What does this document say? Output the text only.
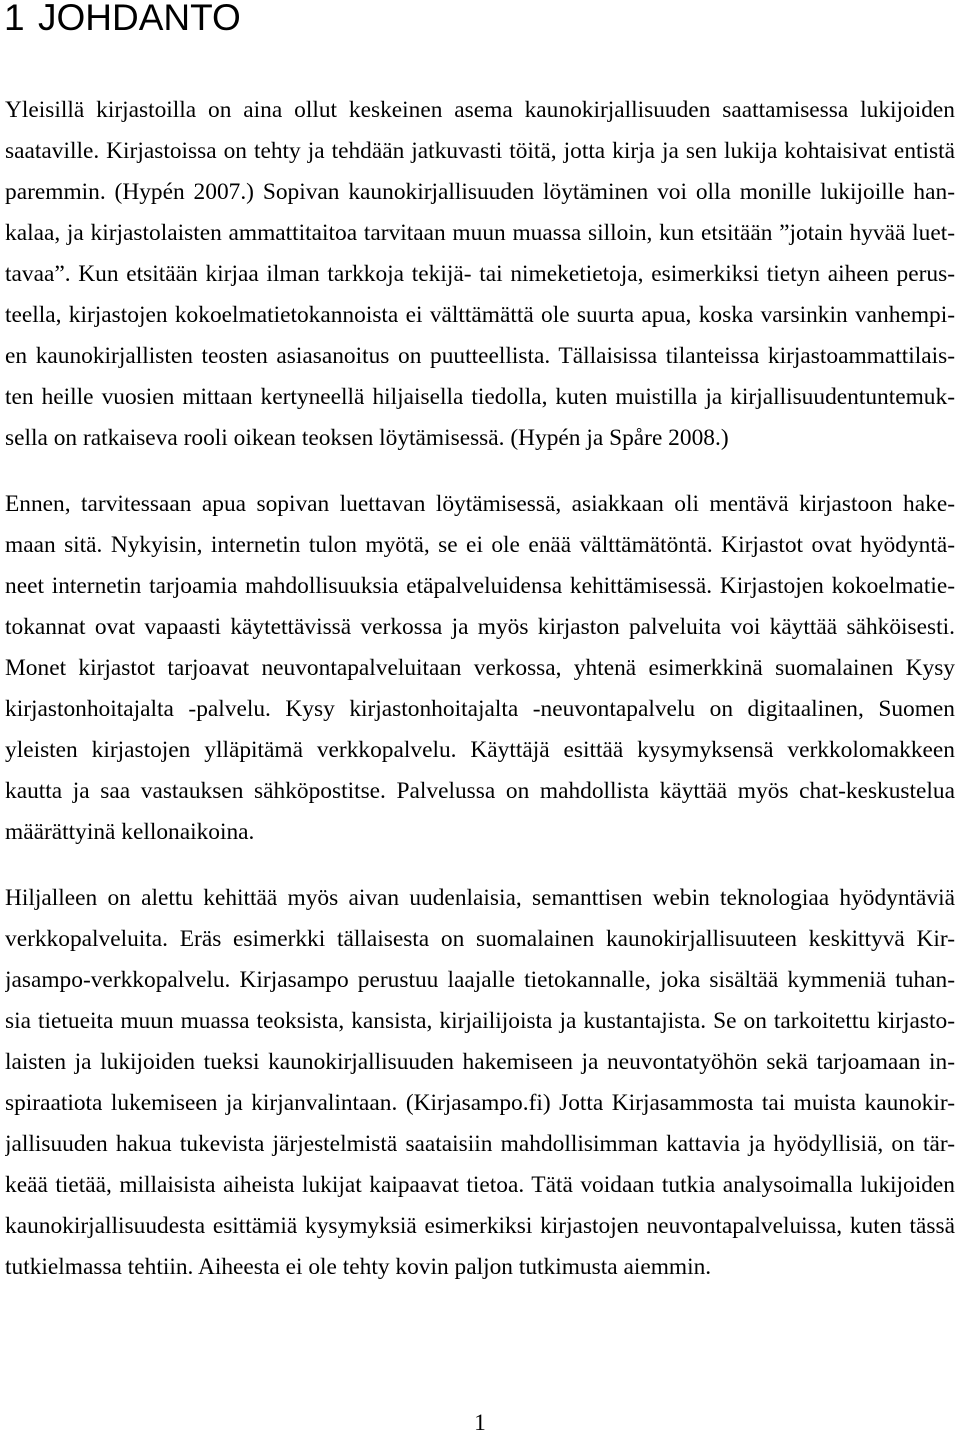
1 JOHDANTO
Yleisillä kirjastoilla on aina ollut keskeinen asema kaunokirjallisuuden saattamisessa lukijoiden
saataville. Kirjastoissa on tehty ja tehdään jatkuvasti töitä, jotta kirja ja sen lukija kohtaisivat entistä
paremmin. (Hypén 2007.) Sopivan kaunokirjallisuuden löytäminen voi olla monille lukijoille han-
kalaa, ja kirjastolaisten ammattitaitoa tarvitaan muun muassa silloin, kun etsitään ”jotain hyvää luet-
tavaa”. Kun etsitään kirjaa ilman tarkkoja tekijä- tai nimeketietoja, esimerkiksi tietyn aiheen perus-
teella, kirjastojen kokoelmatietokannoista ei välttämättä ole suurta apua, koska varsinkin vanhempi-
en kaunokirjallisten teosten asiasanoitus on puutteellista. Tällaisissa tilanteissa kirjastoammattilais-
ten heille vuosien mittaan kertyneellä hiljaisella tiedolla, kuten muistilla ja kirjallisuudentuntemuk-
sella on ratkaiseva rooli oikean teoksen löytämisessä. (Hypén ja Spåre 2008.)
Ennen, tarvitessaan apua sopivan luettavan löytämisessä, asiakkaan oli mentävä kirjastoon hake-
maan sitä. Nykyisin, internetin tulon myötä, se ei ole enää välttämätöntä. Kirjastot ovat hyödyntä-
neet internetin tarjoamia mahdollisuuksia etäpalveluidensa kehittämisessä. Kirjastojen kokoelmatie-
tokannat ovat vapaasti käytettävissä verkossa ja myös kirjaston palveluita voi käyttää sähköisesti.
Monet kirjastot tarjoavat neuvontapalveluitaan verkossa, yhtenä esimerkkinä suomalainen Kysy
kirjastonhoitajalta -palvelu. Kysy kirjastonhoitajalta -neuvontapalvelu on digitaalinen, Suomen
yleisten kirjastojen ylläpitämä verkkopalvelu. Käyttäjä esittää kysymyksensä verkkolomakkeen
kautta ja saa vastauksen sähköpostitse. Palvelussa on mahdollista käyttää myös chat-keskustelua
määrättyinä kellonaikoina.
Hiljalleen on alettu kehittää myös aivan uudenlaisia, semanttisen webin teknologiaa hyödyntäviä
verkkopalveluita. Eräs esimerkki tällaisesta on suomalainen kaunokirjallisuuteen keskittyvä Kir-
jasampo-verkkopalvelu. Kirjasampo perustuu laajalle tietokannalle, joka sisältää kymmeniä tuhan-
sia tietueita muun muassa teoksista, kansista, kirjailijoista ja kustantajista. Se on tarkoitettu kirjasto-
laisten ja lukijoiden tueksi kaunokirjallisuuden hakemiseen ja neuvontatyöhön sekä tarjoamaan in-
spiraatiota lukemiseen ja kirjanvalintaan. (Kirjasampo.fi) Jotta Kirjasammosta tai muista kaunokir-
jallisuuden hakua tukevista järjestelmistä saataisiin mahdollisimman kattavia ja hyödyllisiä, on tär-
keää tietää, millaisista aiheista lukijat kaipaavat tietoa. Tätä voidaan tutkia analysoimalla lukijoiden
kaunokirjallisuudesta esittämiä kysymyksiä esimerkiksi kirjastojen neuvontapalveluissa, kuten tässä
tutkielmassa tehtiin. Aiheesta ei ole tehty kovin paljon tutkimusta aiemmin.
1
